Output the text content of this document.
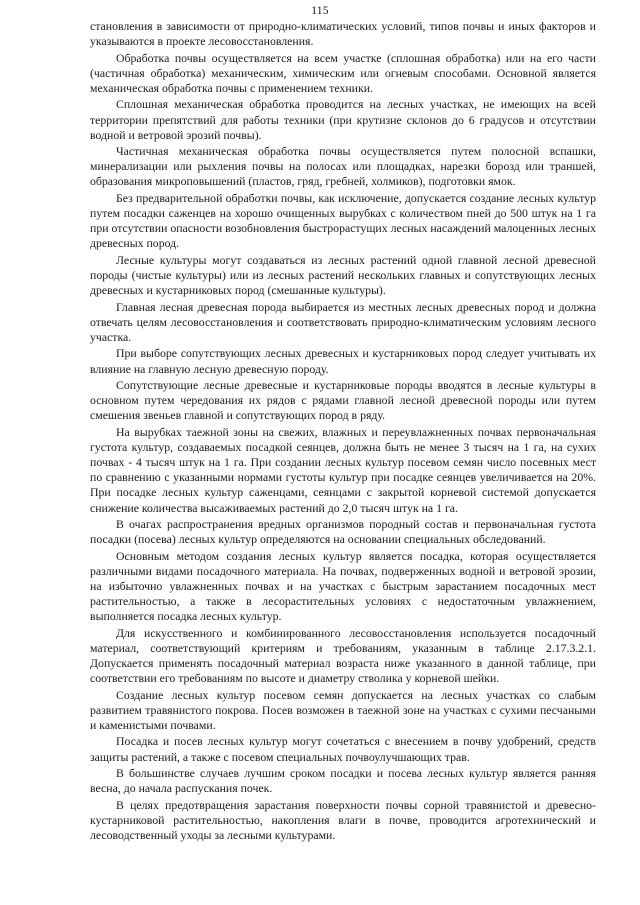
115

становления в зависимости от природно-климатических условий, типов почвы и иных факторов и указываются в проекте лесовосстановления.

Обработка почвы осуществляется на всем участке (сплошная обработка) или на его части (частичная обработка) механическим, химическим или огневым способами. Основной является механическая обработка почвы с применением техники.

Сплошная механическая обработка проводится на лесных участках, не имеющих на всей территории препятствий для работы техники (при крутизне склонов до 6 градусов и отсутствии водной и ветровой эрозий почвы).

Частичная механическая обработка почвы осуществляется путем полосной вспашки, минерализации или рыхления почвы на полосах или площадках, нарезки борозд или траншей, образования микроповышений (пластов, гряд, гребней, холмиков), подготовки ямок.

Без предварительной обработки почвы, как исключение, допускается создание лесных культур путем посадки саженцев на хорошо очищенных вырубках с количеством пней до 500 штук на 1 га при отсутствии опасности возобновления быстрорастущих лесных насаждений малоценных лесных древесных пород.

Лесные культуры могут создаваться из лесных растений одной главной лесной древесной породы (чистые культуры) или из лесных растений нескольких главных и сопутствующих лесных древесных и кустарниковых пород (смешанные культуры).

Главная лесная древесная порода выбирается из местных лесных древесных пород и должна отвечать целям лесовосстановления и соответствовать природно-климатическим условиям лесного участка.

При выборе сопутствующих лесных древесных и кустарниковых пород следует учитывать их влияние на главную лесную древесную породу.

Сопутствующие лесные древесные и кустарниковые породы вводятся в лесные культуры в основном путем чередования их рядов с рядами главной лесной древесной породы или путем смешения звеньев главной и сопутствующих пород в ряду.

На вырубках таежной зоны на свежих, влажных и переувлажненных почвах первоначальная густота культур, создаваемых посадкой сеянцев, должна быть не менее 3 тысяч на 1 га, на сухих почвах - 4 тысяч штук на 1 га. При создании лесных культур посевом семян число посевных мест по сравнению с указанными нормами густоты культур при посадке сеянцев увеличивается на 20%. При посадке лесных культур саженцами, сеянцами с закрытой корневой системой допускается снижение количества высаживаемых растений до 2,0 тысяч штук на 1 га.

В очагах распространения вредных организмов породный состав и первоначальная густота посадки (посева) лесных культур определяются на основании специальных обследований.

Основным методом создания лесных культур является посадка, которая осуществляется различными видами посадочного материала. На почвах, подверженных водной и ветровой эрозии, на избыточно увлажненных почвах и на участках с быстрым зарастанием посадочных мест растительностью, а также в лесорастительных условиях с недостаточным увлажнением, выполняется посадка лесных культур.

Для искусственного и комбинированного лесовосстановления используется посадочный материал, соответствующий критериям и требованиям, указанным в таблице 2.17.3.2.1. Допускается применять посадочный материал возраста ниже указанного в данной таблице, при соответствии его требованиям по высоте и диаметру стволика у корневой шейки.

Создание лесных культур посевом семян допускается на лесных участках со слабым развитием травянистого покрова. Посев возможен в таежной зоне на участках с сухими песчаными и каменистыми почвами.

Посадка и посев лесных культур могут сочетаться с внесением в почву удобрений, средств защиты растений, а также с посевом специальных почвоулучшающих трав.

В большинстве случаев лучшим сроком посадки и посева лесных культур является ранняя весна, до начала распускания почек.

В целях предотвращения зарастания поверхности почвы сорной травянистой и древесно-кустарниковой растительностью, накопления влаги в почве, проводится агротехнический и лесоводственный уходы за лесными культурами.
